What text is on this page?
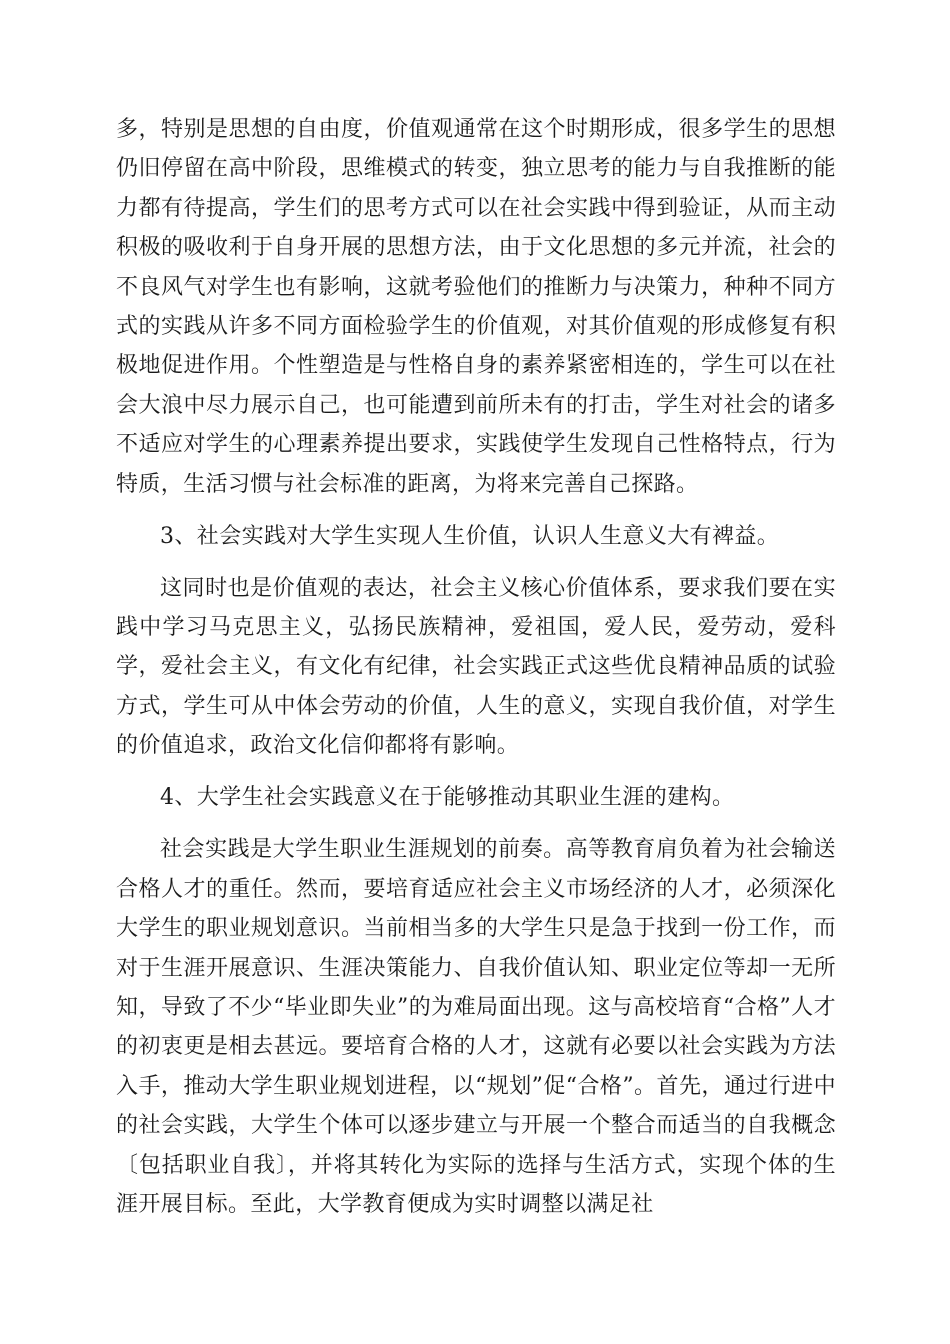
多，特别是思想的自由度，价值观通常在这个时期形成，很多学生的思想仍旧停留在高中阶段，思维模式的转变，独立思考的能力与自我推断的能力都有待提高，学生们的思考方式可以在社会实践中得到验证，从而主动积极的吸收利于自身开展的思想方法，由于文化思想的多元并流，社会的不良风气对学生也有影响，这就考验他们的推断力与决策力，种种不同方式的实践从许多不同方面检验学生的价值观，对其价值观的形成修复有积极地促进作用。个性塑造是与性格自身的素养紧密相连的，学生可以在社会大浪中尽力展示自己，也可能遭到前所未有的打击，学生对社会的诸多不适应对学生的心理素养提出要求，实践使学生发现自己性格特点，行为特质，生活习惯与社会标准的距离，为将来完善自己探路。

3、社会实践对大学生实现人生价值，认识人生意义大有裨益。

这同时也是价值观的表达，社会主义核心价值体系，要求我们要在实践中学习马克思主义，弘扬民族精神，爱祖国，爱人民，爱劳动，爱科学，爱社会主义，有文化有纪律，社会实践正式这些优良精神品质的试验方式，学生可从中体会劳动的价值，人生的意义，实现自我价值，对学生的价值追求，政治文化信仰都将有影响。

4、大学生社会实践意义在于能够推动其职业生涯的建构。

社会实践是大学生职业生涯规划的前奏。高等教育肩负着为社会输送合格人才的重任。然而，要培育适应社会主义市场经济的人才，必须深化大学生的职业规划意识。当前相当多的大学生只是急于找到一份工作，而对于生涯开展意识、生涯决策能力、自我价值认知、职业定位等却一无所知，导致了不少“毕业即失业”的为难局面出现。这与高校培育“合格”人才的初衷更是相去甚远。要培育合格的人才，这就有必要以社会实践为方法入手，推动大学生职业规划进程，以“规划”促“合格”。首先，通过行进中的社会实践，大学生个体可以逐步建立与开展一个整合而适当的自我概念〔包括职业自我〕，并将其转化为实际的选择与生活方式，实现个体的生涯开展目标。至此，大学教育便成为实时调整以满足社
